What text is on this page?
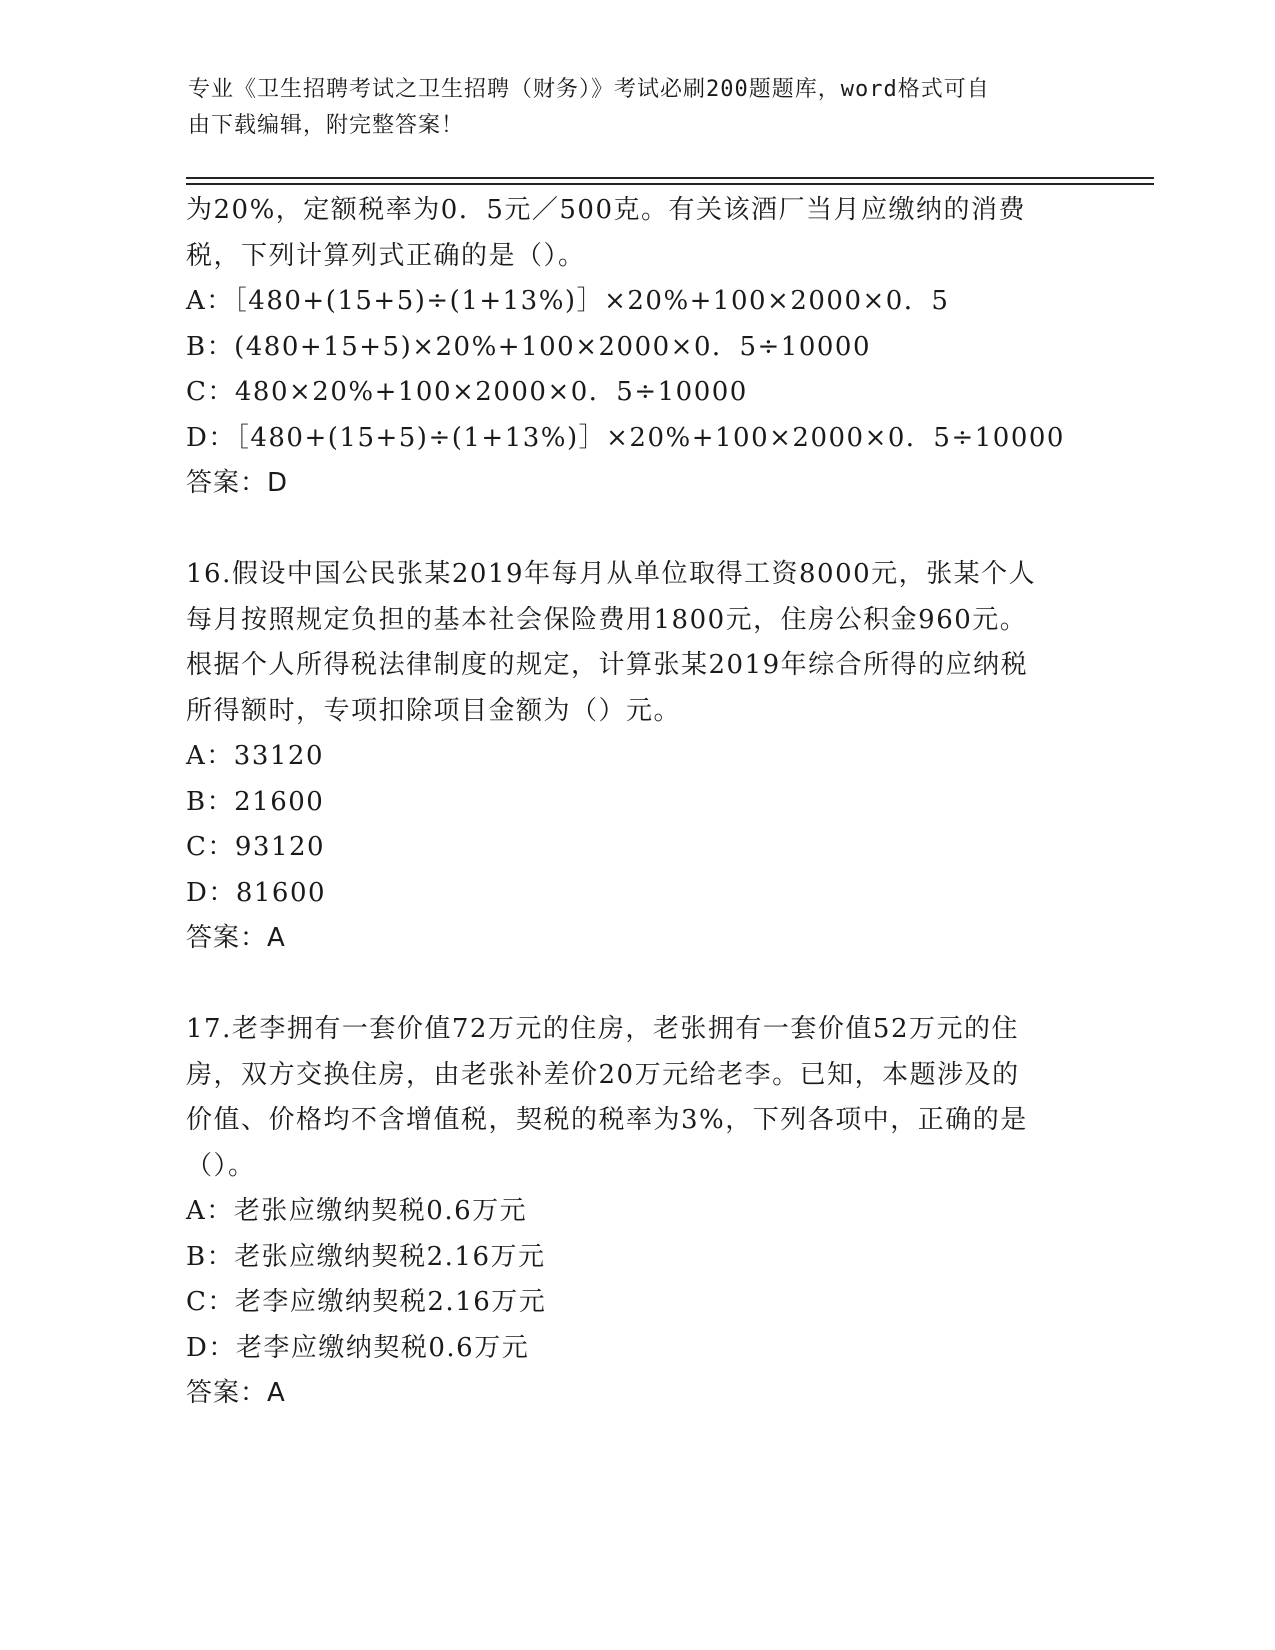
专业《卫生招聘考试之卫生招聘（财务）》考试必刷200题题库，word格式可自
由下载编辑，附完整答案！
为20%，定额税率为0．5元／500克。有关该酒厂当月应缴纳的消费
税，下列计算列式正确的是（）。
A：［480+(15+5)÷(1+13%)］×20%+100×2000×0．5
B：(480+15+5)×20%+100×2000×0．5÷10000
C：480×20%+100×2000×0．5÷10000
D：［480+(15+5)÷(1+13%)］×20%+100×2000×0．5÷10000
答案：D
16.假设中国公民张某2019年每月从单位取得工资8000元，张某个人
每月按照规定负担的基本社会保险费用1800元，住房公积金960元。
根据个人所得税法律制度的规定，计算张某2019年综合所得的应纳税
所得额时，专项扣除项目金额为（）元。
A：33120
B：21600
C：93120
D：81600
答案：A
17.老李拥有一套价值72万元的住房，老张拥有一套价值52万元的住
房，双方交换住房，由老张补差价20万元给老李。已知，本题涉及的
价值、价格均不含增值税，契税的税率为3%，下列各项中，正确的是
（）。
A：老张应缴纳契税0.6万元
B：老张应缴纳契税2.16万元
C：老李应缴纳契税2.16万元
D：老李应缴纳契税0.6万元
答案：A
